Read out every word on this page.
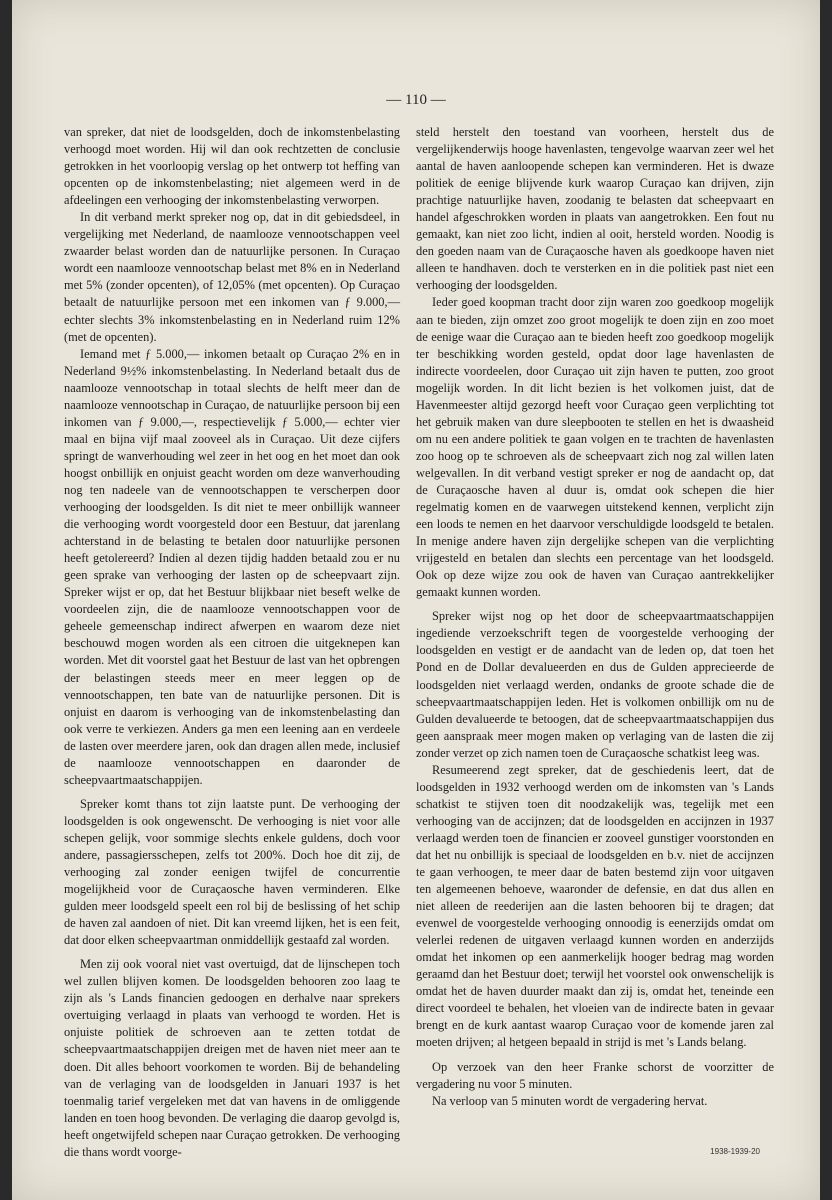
— 110 —

van spreker, dat niet de loodsgelden, doch de inkomstenbelasting verhoogd moet worden. Hij wil dan ook rechtzetten de conclusie getrokken in het voorloopig verslag op het ontwerp tot heffing van opcenten op de inkomstenbelasting; niet algemeen werd in de afdeelingen een verhooging der inkomstenbelasting verworpen.

In dit verband merkt spreker nog op, dat in dit gebiedsdeel, in vergelijking met Nederland, de naamlooze vennootschappen veel zwaarder belast worden dan de natuurlijke personen. In Curaçao wordt een naamlooze vennootschap belast met 8% en in Nederland met 5% (zonder opcenten), of 12,05% (met opcenten). Op Curaçao betaalt de natuurlijke persoon met een inkomen van ƒ 9.000,— echter slechts 3% inkomstenbelasting en in Nederland ruim 12% (met de opcenten).

Iemand met ƒ 5.000,— inkomen betaalt op Curaçao 2% en in Nederland 9½% inkomstenbelasting. In Nederland betaalt dus de naamlooze vennootschap in totaal slechts de helft meer dan de naamlooze vennootschap in Curaçao, de natuurlijke persoon bij een inkomen van ƒ 9.000,—, respectievelijk ƒ 5.000,— echter vier maal en bijna vijf maal zooveel als in Curaçao. Uit deze cijfers springt de wanverhouding wel zeer in het oog en het moet dan ook hoogst onbillijk en onjuist geacht worden om deze wanverhouding nog ten nadeele van de vennootschappen te verscherpen door verhooging der loodsgelden. Is dit niet te meer onbillijk wanneer die verhooging wordt voorgesteld door een Bestuur, dat jarenlang achterstand in de belasting te betalen door natuurlijke personen heeft getolereerd? Indien al dezen tijdig hadden betaald zou er nu geen sprake van verhooging der lasten op de scheepvaart zijn. Spreker wijst er op, dat het Bestuur blijkbaar niet beseft welke de voordeelen zijn, die de naamlooze vennootschappen voor de geheele gemeenschap indirect afwerpen en waarom deze niet beschouwd mogen worden als een citroen die uitgeknepen kan worden. Met dit voorstel gaat het Bestuur de last van het opbrengen der belastingen steeds meer en meer leggen op de vennootschappen, ten bate van de natuurlijke personen. Dit is onjuist en daarom is verhooging van de inkomstenbelasting dan ook verre te verkiezen. Anders ga men een leening aan en verdeele de lasten over meerdere jaren, ook dan dragen allen mede, inclusief de naamlooze vennootschappen en daaronder de scheepvaartmaatschappijen.

Spreker komt thans tot zijn laatste punt. De verhooging der loodsgelden is ook ongewenscht. De verhooging is niet voor alle schepen gelijk, voor sommige slechts enkele guldens, doch voor andere, passagiersschepen, zelfs tot 200%. Doch hoe dit zij, de verhooging zal zonder eenigen twijfel de concurrentie mogelijkheid voor de Curaçaosche haven verminderen. Elke gulden meer loodsgeld speelt een rol bij de beslissing of het schip de haven zal aandoen of niet. Dit kan vreemd lijken, het is een feit, dat door elken scheepvaartman onmiddellijk gestaafd zal worden.

Men zij ook vooral niet vast overtuigd, dat de lijnschepen toch wel zullen blijven komen. De loodsgelden behooren zoo laag te zijn als 's Lands financien gedoogen en derhalve naar sprekers overtuiging verlaagd in plaats van verhoogd te worden. Het is onjuiste politiek de schroeven aan te zetten totdat de scheepvaartmaatschappijen dreigen met de haven niet meer aan te doen. Dit alles behoort voorkomen te worden. Bij de behandeling van de verlaging van de loodsgelden in Januari 1937 is het toenmalig tarief vergeleken met dat van havens in de omliggende landen en toen hoog bevonden. De verlaging die daarop gevolgd is, heeft ongetwijfeld schepen naar Curaçao getrokken. De verhooging die thans wordt voorge-

steld herstelt den toestand van voorheen, herstelt dus de vergelijkenderwijs hooge havenlasten, tengevolge waarvan zeer wel het aantal de haven aanloopende schepen kan verminderen. Het is dwaze politiek de eenige blijvende kurk waarop Curaçao kan drijven, zijn prachtige natuurlijke haven, zoodanig te belasten dat scheepvaart en handel afgeschrokken worden in plaats van aangetrokken. Een fout nu gemaakt, kan niet zoo licht, indien al ooit, hersteld worden. Noodig is den goeden naam van de Curaçaosche haven als goedkoope haven niet alleen te handhaven. doch te versterken en in die politiek past niet een verhooging der loodsgelden.

Ieder goed koopman tracht door zijn waren zoo goedkoop mogelijk aan te bieden, zijn omzet zoo groot mogelijk te doen zijn en zoo moet de eenige waar die Curaçao aan te bieden heeft zoo goedkoop mogelijk ter beschikking worden gesteld, opdat door lage havenlasten de indirecte voordeelen, door Curaçao uit zijn haven te putten, zoo groot mogelijk worden. In dit licht bezien is het volkomen juist, dat de Havenmeester altijd gezorgd heeft voor Curaçao geen verplichting tot het gebruik maken van dure sleepbooten te stellen en het is dwaasheid om nu een andere politiek te gaan volgen en te trachten de havenlasten zoo hoog op te schroeven als de scheepvaart zich nog zal willen laten welgevallen. In dit verband vestigt spreker er nog de aandacht op, dat de Curaçaosche haven al duur is, omdat ook schepen die hier regelmatig komen en de vaarwegen uitstekend kennen, verplicht zijn een loods te nemen en het daarvoor verschuldigde loodsgeld te betalen. In menige andere haven zijn dergelijke schepen van die verplichting vrijgesteld en betalen dan slechts een percentage van het loodsgeld. Ook op deze wijze zou ook de haven van Curaçao aantrekkelijker gemaakt kunnen worden.

Spreker wijst nog op het door de scheepvaartmaatschappijen ingediende verzoekschrift tegen de voorgestelde verhooging der loodsgelden en vestigt er de aandacht van de leden op, dat toen het Pond en de Dollar devalueerden en dus de Gulden apprecieerde de loodsgelden niet verlaagd werden, ondanks de groote schade die de scheepvaartmaatschappijen leden. Het is volkomen onbillijk om nu de Gulden devalueerde te betoogen, dat de scheepvaartmaatschappijen dus geen aanspraak meer mogen maken op verlaging van de lasten die zij zonder verzet op zich namen toen de Curaçaosche schatkist leeg was.

Resumeerend zegt spreker, dat de geschiedenis leert, dat de loodsgelden in 1932 verhoogd werden om de inkomsten van 's Lands schatkist te stijven toen dit noodzakelijk was, tegelijk met een verhooging van de accijnzen; dat de loodsgelden en accijnzen in 1937 verlaagd werden toen de financien er zooveel gunstiger voorstonden en dat het nu onbillijk is speciaal de loodsgelden en b.v. niet de accijnzen te gaan verhoogen, te meer daar de baten bestemd zijn voor uitgaven ten algemeenen behoeve, waaronder de defensie, en dat dus allen en niet alleen de reederijen aan die lasten behooren bij te dragen; dat evenwel de voorgestelde verhooging onnoodig is eenerzijds omdat om velerlei redenen de uitgaven verlaagd kunnen worden en anderzijds omdat het inkomen op een aanmerkelijk hooger bedrag mag worden geraamd dan het Bestuur doet; terwijl het voorstel ook onwenschelijk is omdat het de haven duurder maakt dan zij is, omdat het, teneinde een direct voordeel te behalen, het vloeien van de indirecte baten in gevaar brengt en de kurk aantast waarop Curaçao voor de komende jaren zal moeten drijven; al hetgeen bepaald in strijd is met 's Lands belang.

Op verzoek van den heer Franke schorst de voorzitter de vergadering nu voor 5 minuten.

Na verloop van 5 minuten wordt de vergadering hervat.

1938-1939-20
